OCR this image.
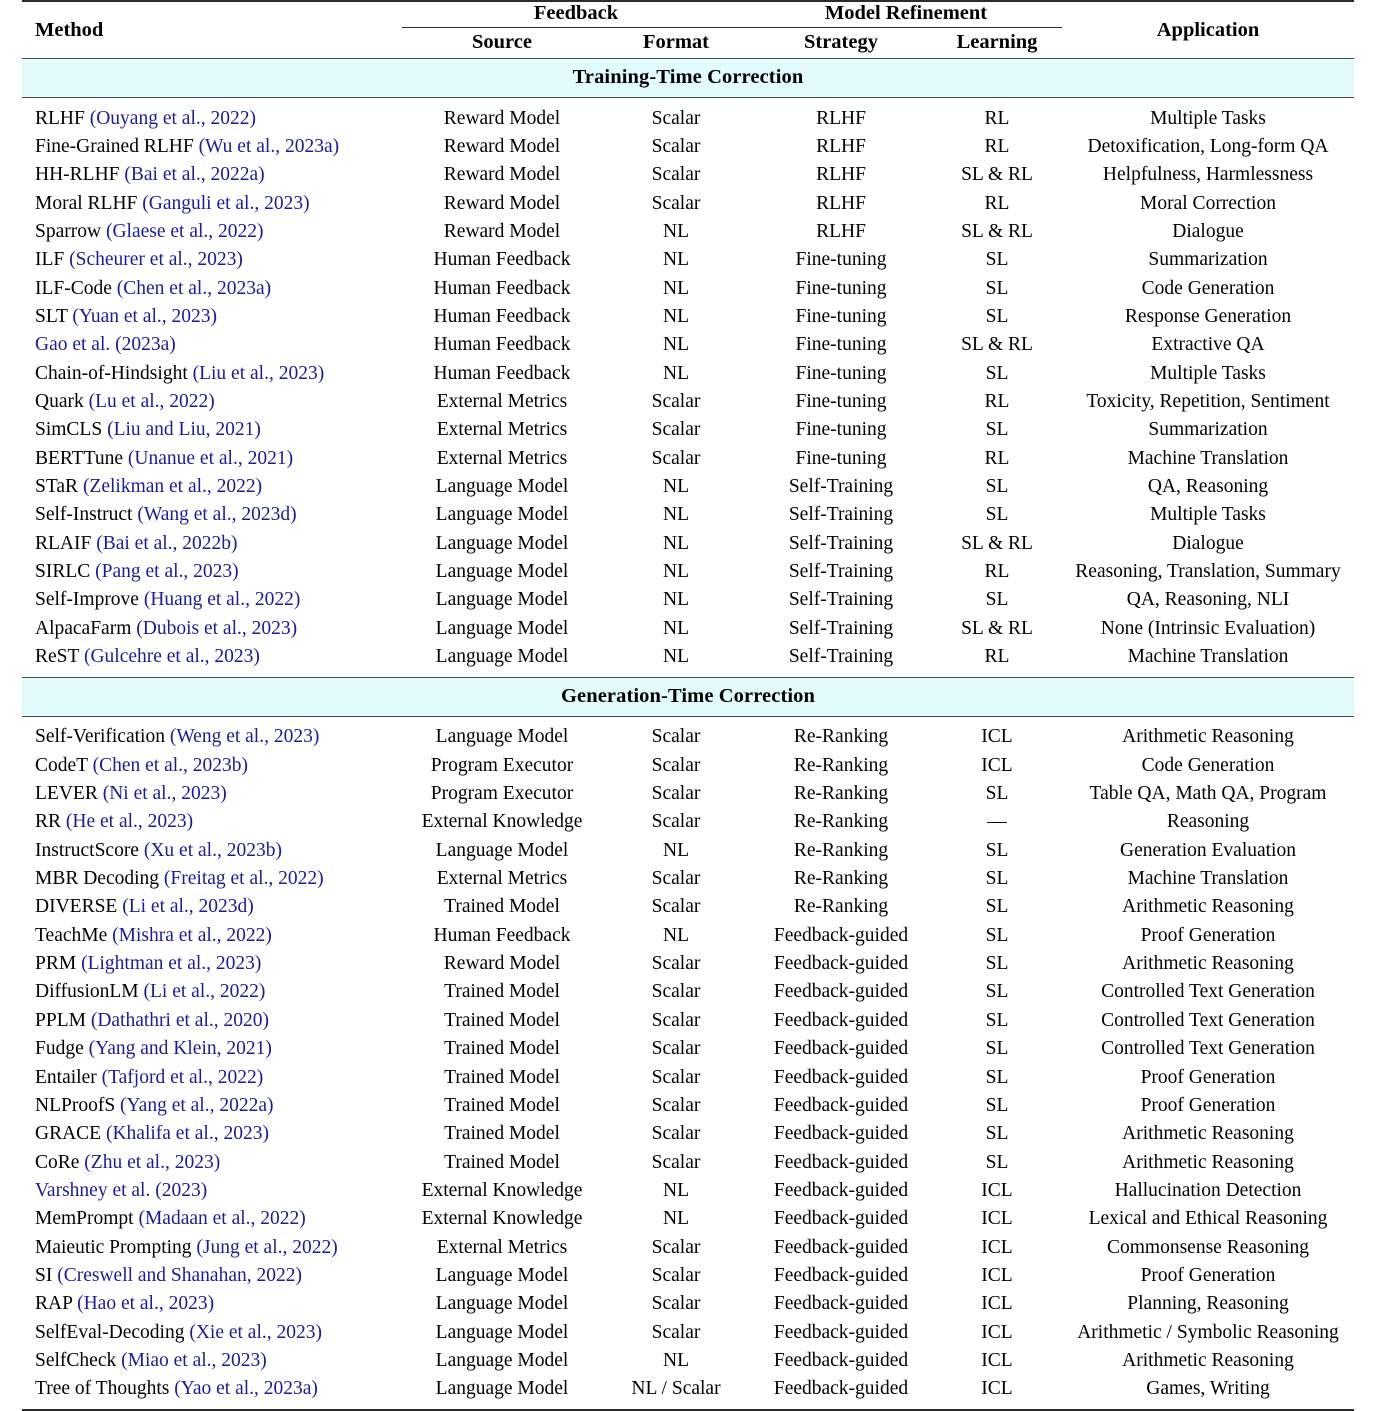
Method	Feedback		Model Refinement		Application
	Source	Format	Strategy	Learning	

Training-Time Correction					

RLHF (Ouyang et al., 2022)	Reward Model	Scalar	RLHF	RL	Multiple Tasks
Fine-Grained RLHF (Wu et al., 2023a)	Reward Model	Scalar	RLHF	RL	Detoxification, Long-form QA
HH-RLHF (Bai et al., 2022a)	Reward Model	Scalar	RLHF	SL & RL	Helpfulness, Harmlessness
Moral RLHF (Ganguli et al., 2023)	Reward Model	Scalar	RLHF	RL	Moral Correction
Sparrow (Glaese et al., 2022)	Reward Model	NL	RLHF	SL & RL	Dialogue
ILF (Scheurer et al., 2023)	Human Feedback	NL	Fine-tuning	SL	Summarization
ILF-Code (Chen et al., 2023a)	Human Feedback	NL	Fine-tuning	SL	Code Generation
SLT (Yuan et al., 2023)	Human Feedback	NL	Fine-tuning	SL	Response Generation
Gao et al. (2023a)	Human Feedback	NL	Fine-tuning	SL & RL	Extractive QA
Chain-of-Hindsight (Liu et al., 2023)	Human Feedback	NL	Fine-tuning	SL	Multiple Tasks
Quark (Lu et al., 2022)	External Metrics	Scalar	Fine-tuning	RL	Toxicity, Repetition, Sentiment
SimCLS (Liu and Liu, 2021)	External Metrics	Scalar	Fine-tuning	SL	Summarization
BERTTune (Unanue et al., 2021)	External Metrics	Scalar	Fine-tuning	RL	Machine Translation
STaR (Zelikman et al., 2022)	Language Model	NL	Self-Training	SL	QA, Reasoning
Self-Instruct (Wang et al., 2023d)	Language Model	NL	Self-Training	SL	Multiple Tasks
RLAIF (Bai et al., 2022b)	Language Model	NL	Self-Training	SL & RL	Dialogue
SIRLC (Pang et al., 2023)	Language Model	NL	Self-Training	RL	Reasoning, Translation, Summary
Self-Improve (Huang et al., 2022)	Language Model	NL	Self-Training	SL	QA, Reasoning, NLI
AlpacaFarm (Dubois et al., 2023)	Language Model	NL	Self-Training	SL & RL	None (Intrinsic Evaluation)
ReST (Gulcehre et al., 2023)	Language Model	NL	Self-Training	RL	Machine Translation

Generation-Time Correction					

Self-Verification (Weng et al., 2023)	Language Model	Scalar	Re-Ranking	ICL	Arithmetic Reasoning
CodeT (Chen et al., 2023b)	Program Executor	Scalar	Re-Ranking	ICL	Code Generation
LEVER (Ni et al., 2023)	Program Executor	Scalar	Re-Ranking	SL	Table QA, Math QA, Program
RR (He et al., 2023)	External Knowledge	Scalar	Re-Ranking	—	Reasoning
InstructScore (Xu et al., 2023b)	Language Model	NL	Re-Ranking	SL	Generation Evaluation
MBR Decoding (Freitag et al., 2022)	External Metrics	Scalar	Re-Ranking	SL	Machine Translation
DIVERSE (Li et al., 2023d)	Trained Model	Scalar	Re-Ranking	SL	Arithmetic Reasoning
TeachMe (Mishra et al., 2022)	Human Feedback	NL	Feedback-guided	SL	Proof Generation
PRM (Lightman et al., 2023)	Reward Model	Scalar	Feedback-guided	SL	Arithmetic Reasoning
DiffusionLM (Li et al., 2022)	Trained Model	Scalar	Feedback-guided	SL	Controlled Text Generation
PPLM (Dathathri et al., 2020)	Trained Model	Scalar	Feedback-guided	SL	Controlled Text Generation
Fudge (Yang and Klein, 2021)	Trained Model	Scalar	Feedback-guided	SL	Controlled Text Generation
Entailer (Tafjord et al., 2022)	Trained Model	Scalar	Feedback-guided	SL	Proof Generation
NLProofS (Yang et al., 2022a)	Trained Model	Scalar	Feedback-guided	SL	Proof Generation
GRACE (Khalifa et al., 2023)	Trained Model	Scalar	Feedback-guided	SL	Arithmetic Reasoning
CoRe (Zhu et al., 2023)	Trained Model	Scalar	Feedback-guided	SL	Arithmetic Reasoning
Varshney et al. (2023)	External Knowledge	NL	Feedback-guided	ICL	Hallucination Detection
MemPrompt (Madaan et al., 2022)	External Knowledge	NL	Feedback-guided	ICL	Lexical and Ethical Reasoning
Maieutic Prompting (Jung et al., 2022)	External Metrics	Scalar	Feedback-guided	ICL	Commonsense Reasoning
SI (Creswell and Shanahan, 2022)	Language Model	Scalar	Feedback-guided	ICL	Proof Generation
RAP (Hao et al., 2023)	Language Model	Scalar	Feedback-guided	ICL	Planning, Reasoning
SelfEval-Decoding (Xie et al., 2023)	Language Model	Scalar	Feedback-guided	ICL	Arithmetic / Symbolic Reasoning
SelfCheck (Miao et al., 2023)	Language Model	NL	Feedback-guided	ICL	Arithmetic Reasoning
Tree of Thoughts (Yao et al., 2023a)	Language Model	NL / Scalar	Feedback-guided	ICL	Games, Writing
